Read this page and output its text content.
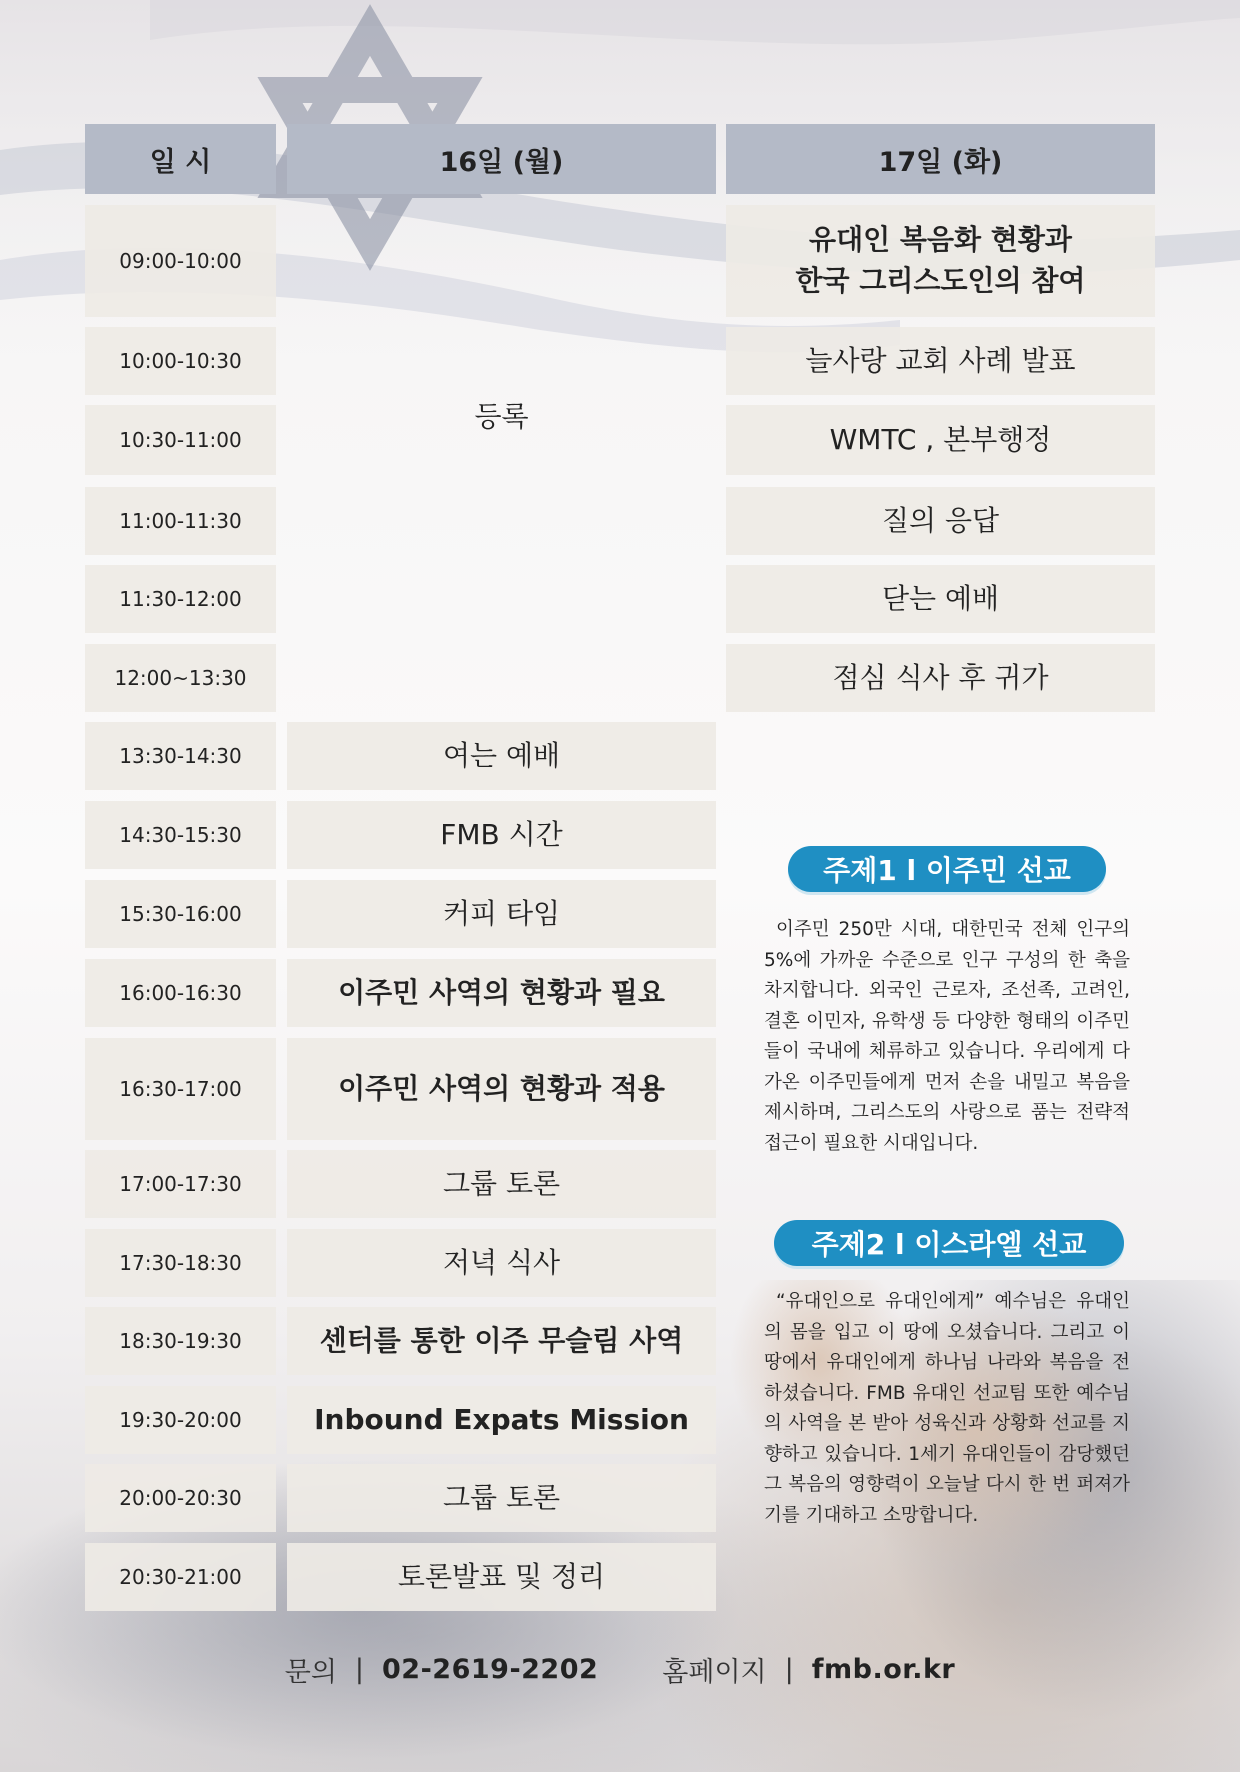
일 시	16일 (월)	17일 (화)
09:00-10:00
10:00-10:30
10:30-11:00
11:00-11:30
11:30-12:00
12:00~13:30
13:30-14:30
14:30-15:30
15:30-16:00
16:00-16:30
16:30-17:00
17:00-17:30
17:30-18:30
18:30-19:30
19:30-20:00
20:00-20:30
20:30-21:00
등록
여는 예배
FMB 시간
커피 타임
이주민 사역의 현황과 필요
이주민 사역의 현황과 적용
그룹 토론
저녁 식사
센터를 통한 이주 무슬림 사역
Inbound Expats Mission
그룹 토론
토론발표 및 정리
유대인 복음화 현황과
한국 그리스도인의 참여
늘사랑 교회 사례 발표
WMTC , 본부행정
질의 응답
닫는 예배
점심 식사 후 귀가
주제1 l 이주민 선교
이주민 250만 시대, 대한민국 전체 인구의 5%에 가까운 수준으로 인구 구성의 한 축을 차지합니다. 외국인 근로자, 조선족, 고려인, 결혼 이민자, 유학생 등 다양한 형태의 이주민들이 국내에 체류하고 있습니다. 우리에게 다가온 이주민들에게 먼저 손을 내밀고 복음을 제시하며, 그리스도의 사랑으로 품는 전략적 접근이 필요한 시대입니다.
주제2 l 이스라엘 선교
“유대인으로 유대인에게” 예수님은 유대인의 몸을 입고 이 땅에 오셨습니다. 그리고 이 땅에서 유대인에게 하나님 나라와 복음을 전하셨습니다. FMB 유대인 선교팀 또한 예수님의 사역을 본 받아 성육신과 상황화 선교를 지향하고 있습니다. 1세기 유대인들이 감당했던 그 복음의 영향력이 오늘날 다시 한 번 퍼져가기를 기대하고 소망합니다.
문의 | 02-2619-2202 홈페이지 | fmb.or.kr
